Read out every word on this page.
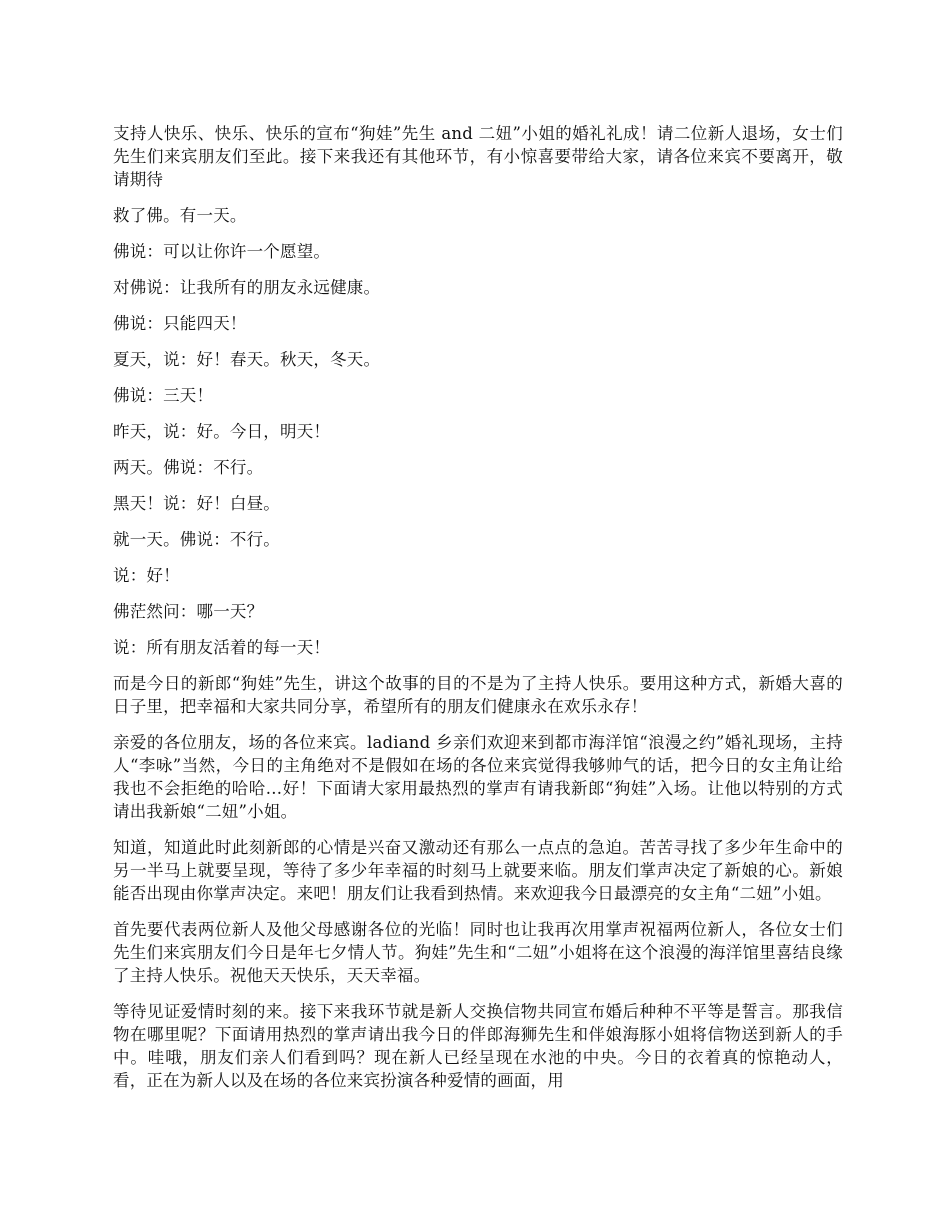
支持人快乐、快乐、快乐的宣布“狗娃”先生 and 二妞”小姐的婚礼礼成！请二位新人退场，女士们先生们来宾朋友们至此。接下来我还有其他环节，有小惊喜要带给大家，请各位来宾不要离开，敬请期待

救了佛。有一天。

佛说：可以让你许一个愿望。

对佛说：让我所有的朋友永远健康。

佛说：只能四天！

夏天，说：好！春天。秋天，冬天。

佛说：三天！

昨天，说：好。今日，明天！

两天。佛说：不行。

黑天！说：好！白昼。

就一天。佛说：不行。

说：好！

佛茫然问：哪一天？

说：所有朋友活着的每一天！

而是今日的新郎“狗娃”先生，讲这个故事的目的不是为了主持人快乐。要用这种方式，新婚大喜的日子里，把幸福和大家共同分享，希望所有的朋友们健康永在欢乐永存！

亲爱的各位朋友，场的各位来宾。ladiand 乡亲们欢迎来到都市海洋馆“浪漫之约”婚礼现场，主持人“李咏”当然，今日的主角绝对不是假如在场的各位来宾觉得我够帅气的话，把今日的女主角让给我也不会拒绝的哈哈…好！下面请大家用最热烈的掌声有请我新郎“狗娃”入场。让他以特别的方式请出我新娘“二妞”小姐。

知道，知道此时此刻新郎的心情是兴奋又激动还有那么一点点的急迫。苦苦寻找了多少年生命中的另一半马上就要呈现，等待了多少年幸福的时刻马上就要来临。朋友们掌声决定了新娘的心。新娘能否出现由你掌声决定。来吧！朋友们让我看到热情。来欢迎我今日最漂亮的女主角“二妞”小姐。

首先要代表两位新人及他父母感谢各位的光临！同时也让我再次用掌声祝福两位新人，各位女士们先生们来宾朋友们今日是年七夕情人节。狗娃”先生和“二妞”小姐将在这个浪漫的海洋馆里喜结良缘了主持人快乐。祝他天天快乐，天天幸福。

等待见证爱情时刻的来。接下来我环节就是新人交换信物共同宣布婚后种种不平等是誓言。那我信物在哪里呢？下面请用热烈的掌声请出我今日的伴郎海狮先生和伴娘海豚小姐将信物送到新人的手中。哇哦，朋友们亲人们看到吗？现在新人已经呈现在水池的中央。今日的衣着真的惊艳动人，看，正在为新人以及在场的各位来宾扮演各种爱情的画面，用
